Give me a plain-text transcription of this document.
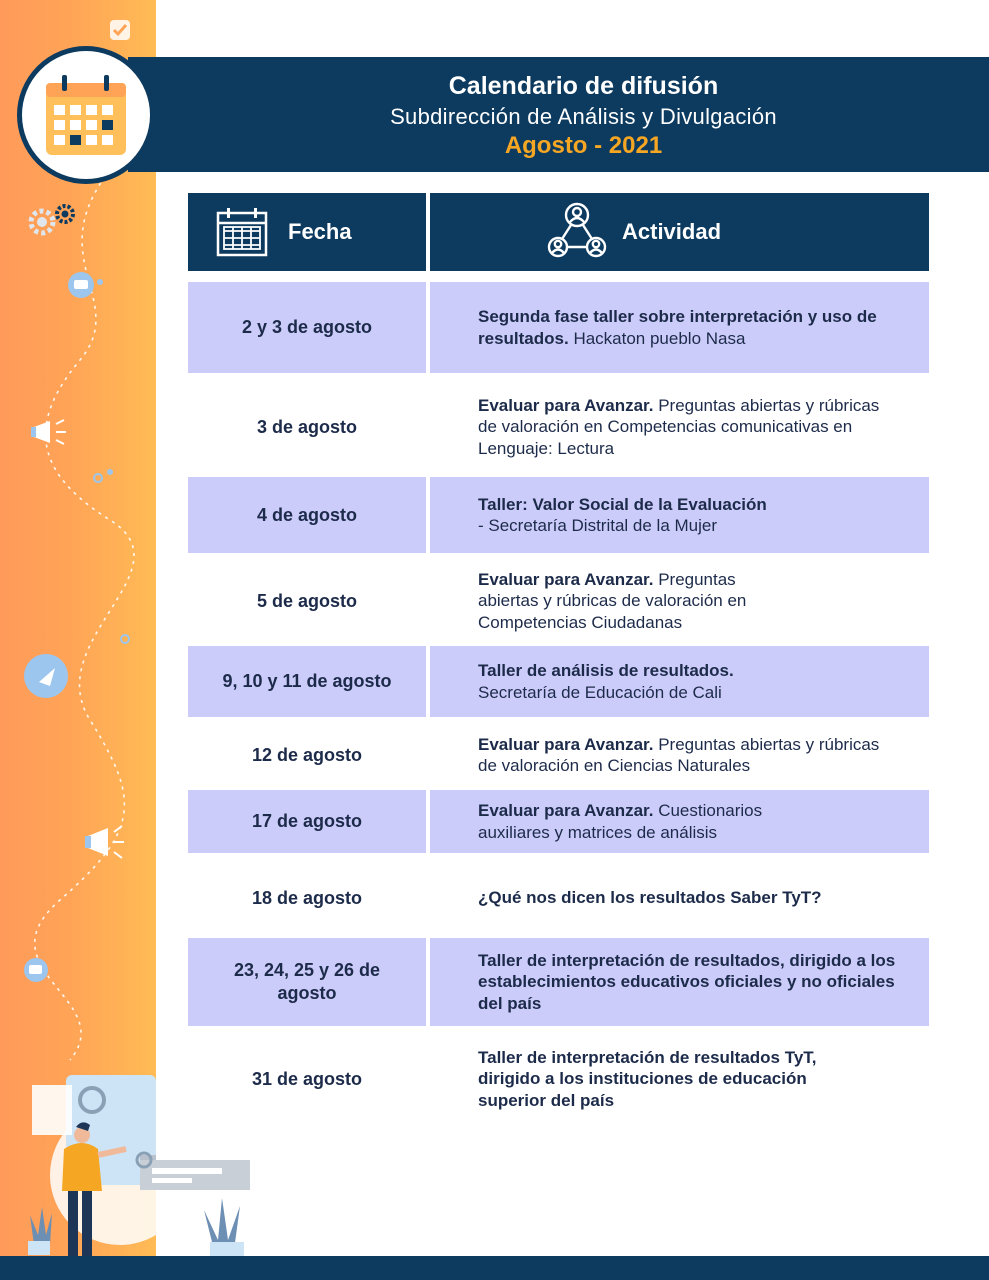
Calendario de difusión
Subdirección de Análisis y Divulgación
Agosto - 2021
Fecha	Actividad
2 y 3 de agosto
Segunda fase taller sobre interpretación y uso de resultados. Hackaton pueblo Nasa
3 de agosto
Evaluar para Avanzar. Preguntas abiertas y rúbricas de valoración en Competencias comunicativas en Lenguaje: Lectura
4 de agosto
Taller: Valor Social de la Evaluación
- Secretaría Distrital de la Mujer
5 de agosto
Evaluar para Avanzar. Preguntas abiertas y rúbricas de valoración en Competencias Ciudadanas
9, 10 y 11 de agosto
Taller de análisis de resultados.
Secretaría de Educación de Cali
12 de agosto
Evaluar para Avanzar. Preguntas abiertas y rúbricas de valoración en Ciencias Naturales
17 de agosto
Evaluar para Avanzar. Cuestionarios auxiliares y matrices de análisis
18 de agosto	¿Qué nos dicen los resultados Saber TyT?
23, 24, 25 y 26 de agosto
Taller de interpretación de resultados, dirigido a los establecimientos educativos oficiales y no oficiales del país
31 de agosto
Taller de interpretación de resultados TyT, dirigido a los instituciones de educación superior del país
